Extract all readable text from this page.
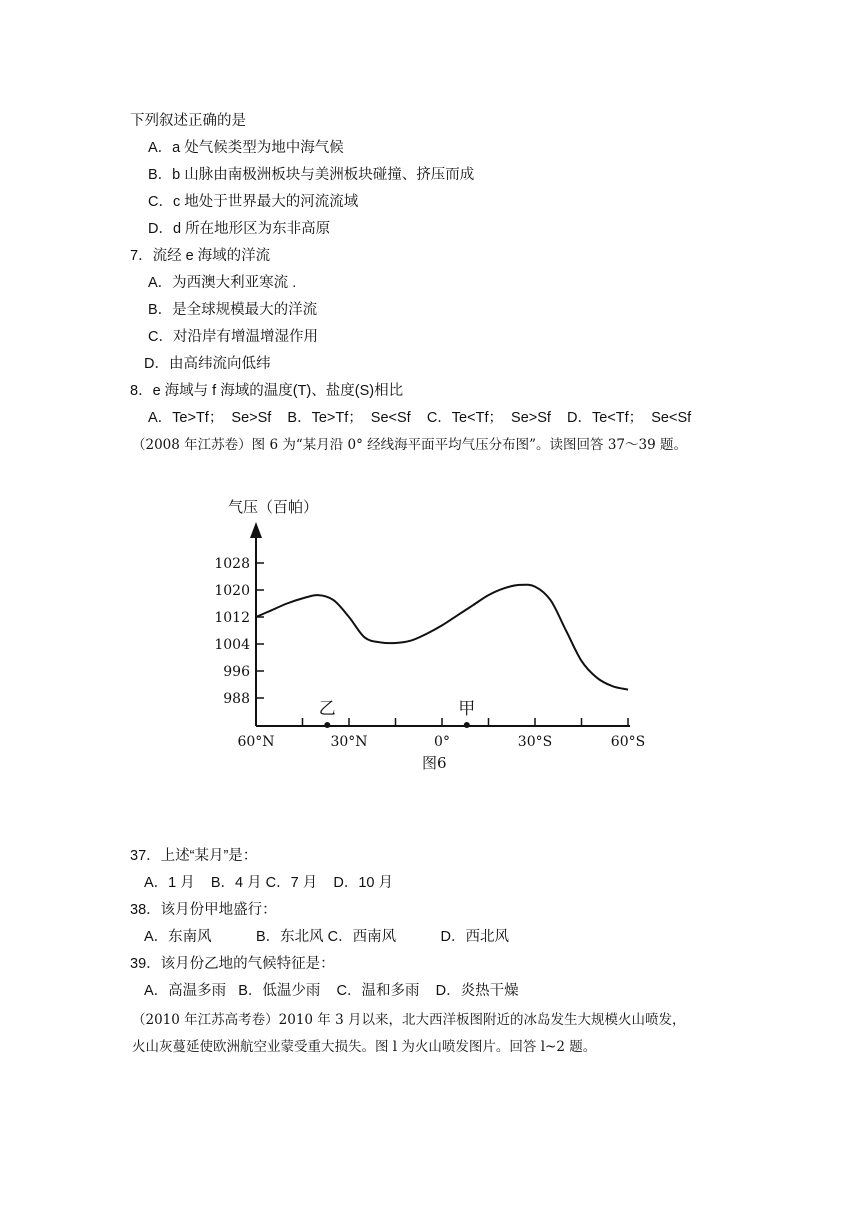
下列叙述正确的是
A．a 处气候类型为地中海气候
B．b 山脉由南极洲板块与美洲板块碰撞、挤压而成
C．c 地处于世界最大的河流流域
D．d 所在地形区为东非高原
7．流经 e 海域的洋流
A．为西澳大利亚寒流 .
B．是全球规模最大的洋流
C．对沿岸有增温增湿作用
D．由高纬流向低纬
8．e 海域与 f 海域的温度(T)、盐度(S)相比
A．Te>Tf；  Se>Sf    B．Te>Tf；  Se<Sf    C．Te<Tf；  Se>Sf    D．Te<Tf；  Se<Sf
（2008 年江苏卷）图 6 为“某月沿 0° 经线海平面平均气压分布图”。读图回答 37～39 题。
气压（百帕）
1028
1020
1012
1004
996
988
60°N	30°N	0°	30°S	60°S
乙	甲
图6
37．上述“某月”是：
A．1 月    B．4 月 C．7 月    D．10 月
38．该月份甲地盛行：
A．东南风           B．东北风 C．西南风           D．西北风
39．该月份乙地的气候特征是：
A．高温多雨   B．低温少雨    C．温和多雨    D．炎热干燥
（2010 年江苏高考卷）2010 年 3 月以来，北大西洋板图附近的冰岛发生大规模火山喷发，
火山灰蔓延使欧洲航空业蒙受重大损失。图 l 为火山喷发图片。回答 l~2 题。
